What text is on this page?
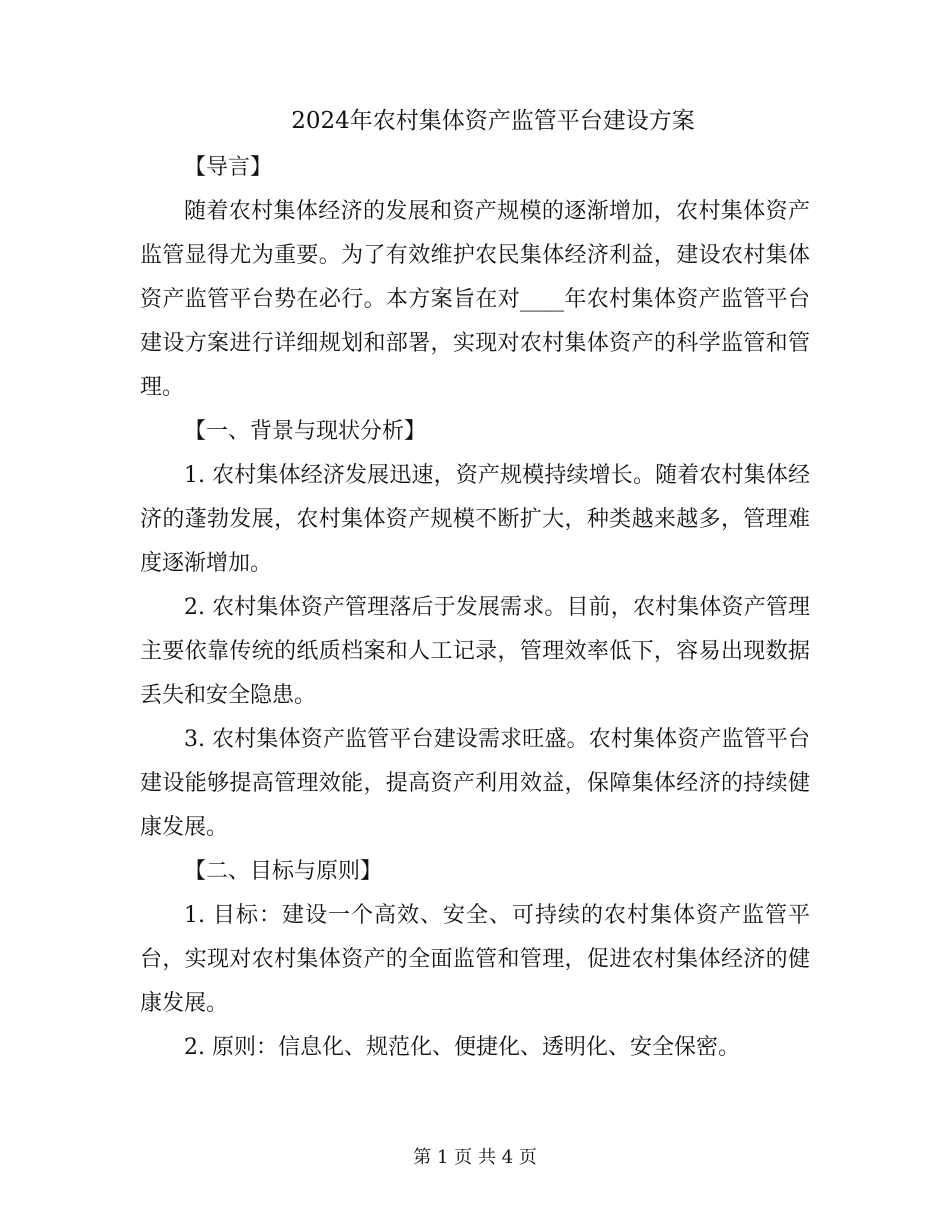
2024年农村集体资产监管平台建设方案

【导言】

随着农村集体经济的发展和资产规模的逐渐增加，农村集体资产监管显得尤为重要。为了有效维护农民集体经济利益，建设农村集体资产监管平台势在必行。本方案旨在对____年农村集体资产监管平台建设方案进行详细规划和部署，实现对农村集体资产的科学监管和管理。

【一、背景与现状分析】

1. 农村集体经济发展迅速，资产规模持续增长。随着农村集体经济的蓬勃发展，农村集体资产规模不断扩大，种类越来越多，管理难度逐渐增加。

2. 农村集体资产管理落后于发展需求。目前，农村集体资产管理主要依靠传统的纸质档案和人工记录，管理效率低下，容易出现数据丢失和安全隐患。

3. 农村集体资产监管平台建设需求旺盛。农村集体资产监管平台建设能够提高管理效能，提高资产利用效益，保障集体经济的持续健康发展。

【二、目标与原则】

1. 目标：建设一个高效、安全、可持续的农村集体资产监管平台，实现对农村集体资产的全面监管和管理，促进农村集体经济的健康发展。

2. 原则：信息化、规范化、便捷化、透明化、安全保密。

第 1 页 共 4 页
